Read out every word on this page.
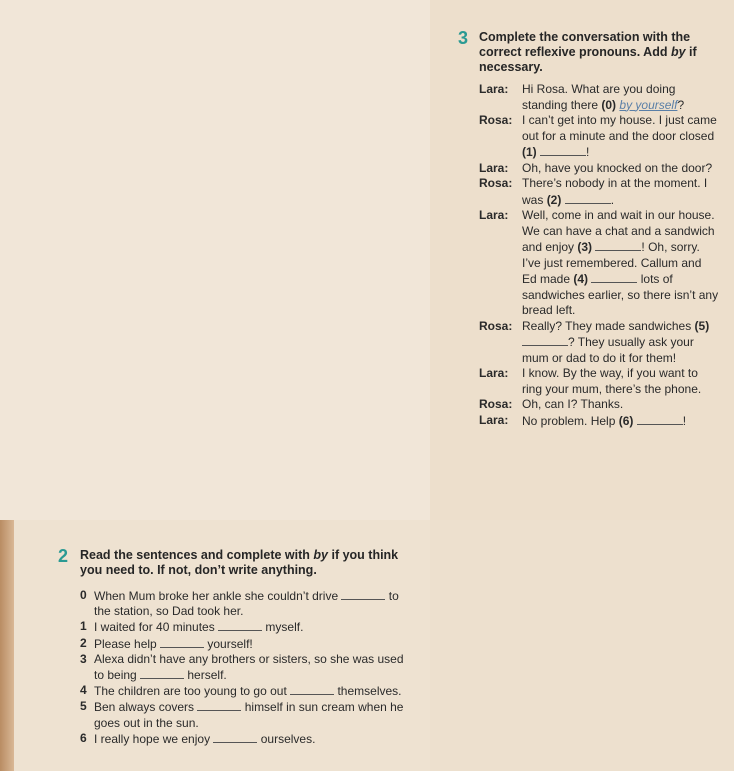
3 Complete the conversation with the correct reflexive pronouns. Add by if necessary.
Lara:	Hi Rosa. What are you doing standing there (0) by yourself?
Rosa: I can’t get into my house. I just came out for a minute and the door closed (1)	!
Lara:	Oh, have you knocked on the door?
Rosa: There’s nobody in at the moment. I was (2)	.
Lara:	Well, come in and wait in our house. We can have a chat and a sandwich and enjoy (3)	! Oh, sorry. I’ve just remembered. Callum and Ed made (4)	lots of sandwiches earlier, so there isn’t any bread left.
Rosa: Really? They made sandwiches (5) ? They usually ask your mum or dad to do it for them!
Lara:	I know. By the way, if you want to ring your mum, there’s the phone.
Rosa: Oh, can I? Thanks.
Lara:	No problem. Help (6)	!
2 Read the sentences and complete with by if you think you need to. If not, don’t write anything.
0 When Mum broke her ankle she couldn’t drive	to the station, so Dad took her.
1 I waited for 40 minutes	myself.
2 Please help	yourself!
3 Alexa didn’t have any brothers or sisters, so she was used to being	herself.
4 The children are too young to go out	themselves.
5 Ben always covers	himself in sun cream when he goes out in the sun.
6 I really hope we enjoy	ourselves.
